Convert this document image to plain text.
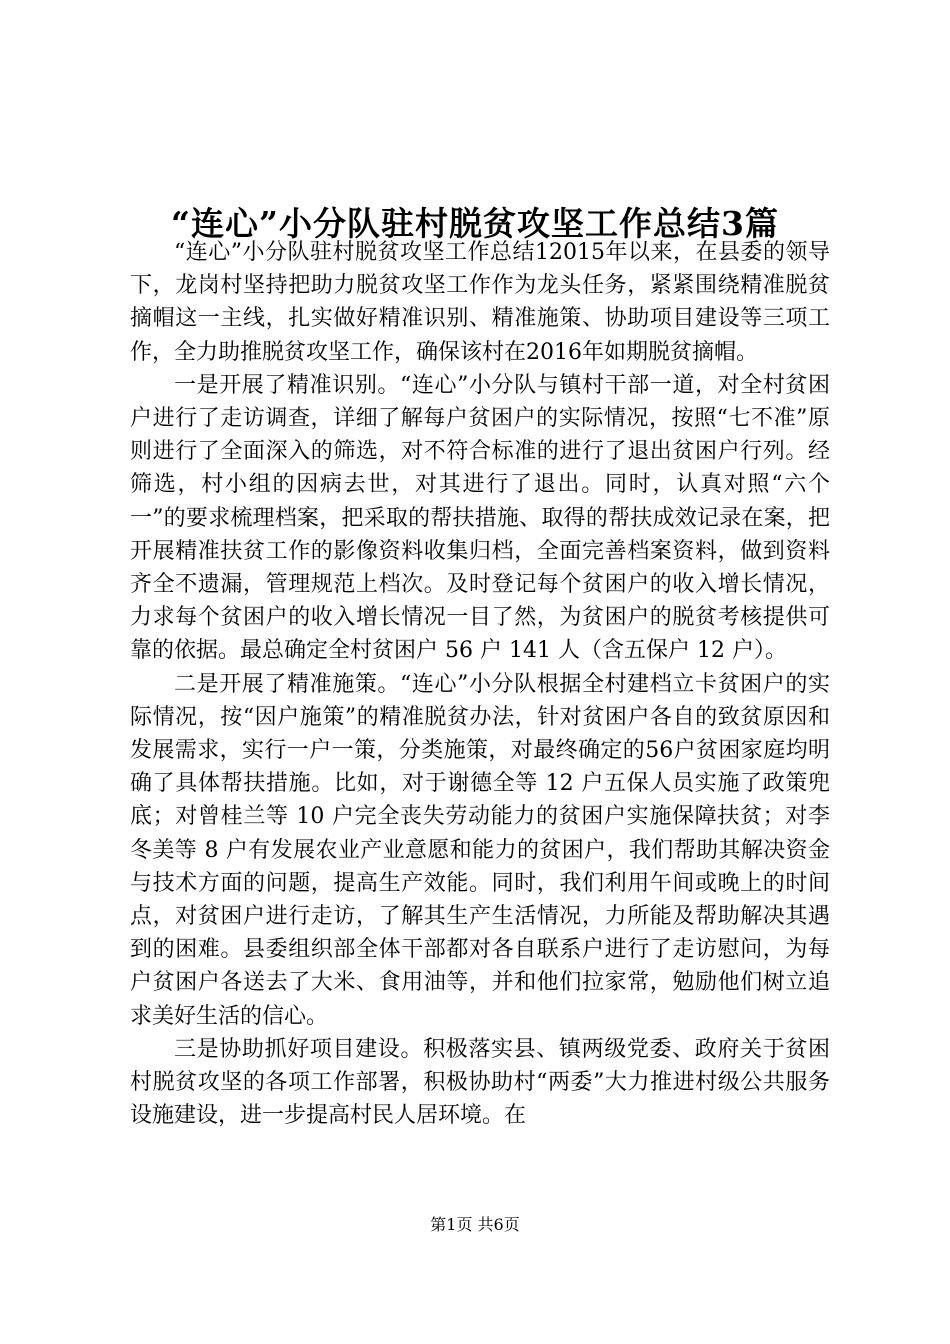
“连心”小分队驻村脱贫攻坚工作总结3篇

“连心”小分队驻村脱贫攻坚工作总结12015年以来，在县委的领导下，龙岗村坚持把助力脱贫攻坚工作作为龙头任务，紧紧围绕精准脱贫摘帽这一主线，扎实做好精准识别、精准施策、协助项目建设等三项工作，全力助推脱贫攻坚工作，确保该村在2016年如期脱贫摘帽。

一是开展了精准识别。“连心”小分队与镇村干部一道，对全村贫困户进行了走访调查，详细了解每户贫困户的实际情况，按照“七不准”原则进行了全面深入的筛选，对不符合标准的进行了退出贫困户行列。经筛选，村小组的因病去世，对其进行了退出。同时，认真对照“六个一”的要求梳理档案，把采取的帮扶措施、取得的帮扶成效记录在案，把开展精准扶贫工作的影像资料收集归档，全面完善档案资料，做到资料齐全不遗漏，管理规范上档次。及时登记每个贫困户的收入增长情况，力求每个贫困户的收入增长情况一目了然，为贫困户的脱贫考核提供可靠的依据。最总确定全村贫困户 56 户 141 人（含五保户 12 户）。

二是开展了精准施策。“连心”小分队根据全村建档立卡贫困户的实际情况，按“因户施策”的精准脱贫办法，针对贫困户各自的致贫原因和发展需求，实行一户一策，分类施策，对最终确定的56户贫困家庭均明确了具体帮扶措施。比如，对于谢德全等 12 户五保人员实施了政策兜底；对曾桂兰等 10 户完全丧失劳动能力的贫困户实施保障扶贫；对李冬美等 8 户有发展农业产业意愿和能力的贫困户，我们帮助其解决资金与技术方面的问题，提高生产效能。同时，我们利用午间或晚上的时间点，对贫困户进行走访，了解其生产生活情况，力所能及帮助解决其遇到的困难。县委组织部全体干部都对各自联系户进行了走访慰问，为每户贫困户各送去了大米、食用油等，并和他们拉家常，勉励他们树立追求美好生活的信心。

三是协助抓好项目建设。积极落实县、镇两级党委、政府关于贫困村脱贫攻坚的各项工作部署，积极协助村“两委”大力推进村级公共服务设施建设，进一步提高村民人居环境。在

第1页 共6页
